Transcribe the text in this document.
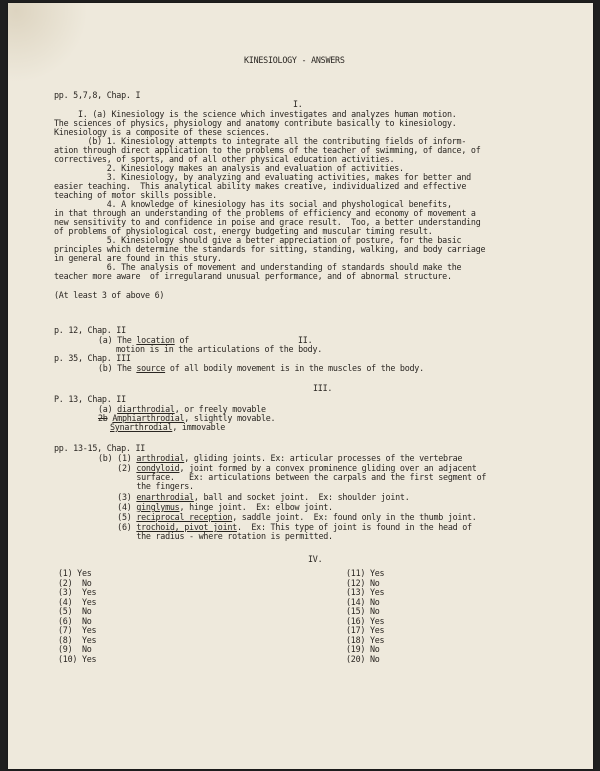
KINESIOLOGY - ANSWERS

pp. 5,7,8, Chap. I

I.

I. (a) Kinesiology is the science which investigates and analyzes human motion.

The sciences of physics, physiology and anatomy contribute basically to kinesiology.

Kinesiology is a composite of these sciences.

(b) 1. Kinesiology attempts to integrate all the contributing fields of inform-

ation through direct application to the problems of the teacher of swimming, of dance, of

correctives, of sports, and of all other physical education activities.

2. Kinesiology makes an analysis and evaluation of activities.

3. Kinesiology, by analyzing and evaluating activities, makes for better and

easier teaching.  This analytical ability makes creative, individualized and effective

teaching of motor skills possible.

4. A knowledge of kinesiology has its social and physhological benefits,

in that through an understanding of the problems of efficiency and economy of movement a

new sensitivity to and confidence in poise and grace result.  Too, a better understanding

of problems of physiological cost, energy budgeting and muscular timing result.

5. Kinesiology should give a better appreciation of posture, for the basic

principles which determine the standards for sitting, standing, walking, and body carriage

in general are found in this stury.

6. The analysis of movement and understanding of standards should make the

teacher more aware  of irregularand unusual performance, and of abnormal structure.

(At least 3 of above 6)

p. 12, Chap. II

(a) The location of	II.

motion is in the articulations of the body.

p. 35, Chap. III

(b) The source of all bodily movement is in the muscles of the body.

III.

P. 13, Chap. II

(a) diarthrodial, or freely movable

2b Amphiarthrodial, slightly movable.

Synarthrodial, immovable

pp. 13-15, Chap. II

(b) (1) arthrodial, gliding joints. Ex: articular processes of the vertebrae

(2) condyloid, joint formed by a convex prominence gliding over an adjacent

surface.   Ex: articulations between the carpals and the first segment of

the fingers.

(3) enarthrodial, ball and socket joint.  Ex: shoulder joint.

(4) ginglymus, hinge joint.  Ex: elbow joint.

(5) reciprocal reception, saddle joint.  Ex: found only in the thumb joint.

(6) trochoid, pivot joint.  Ex: This type of joint is found in the head of

the radius - where rotation is permitted.

IV.

(1) Yes
(2)  No
(3)  Yes
(4)  Yes
(5)  No
(6)  No
(7)  Yes
(8)  Yes
(9)  No
(10) Yes
(11) Yes
(12) No
(13) Yes
(14) No
(15) No
(16) Yes
(17) Yes
(18) Yes
(19) No
(20) No
